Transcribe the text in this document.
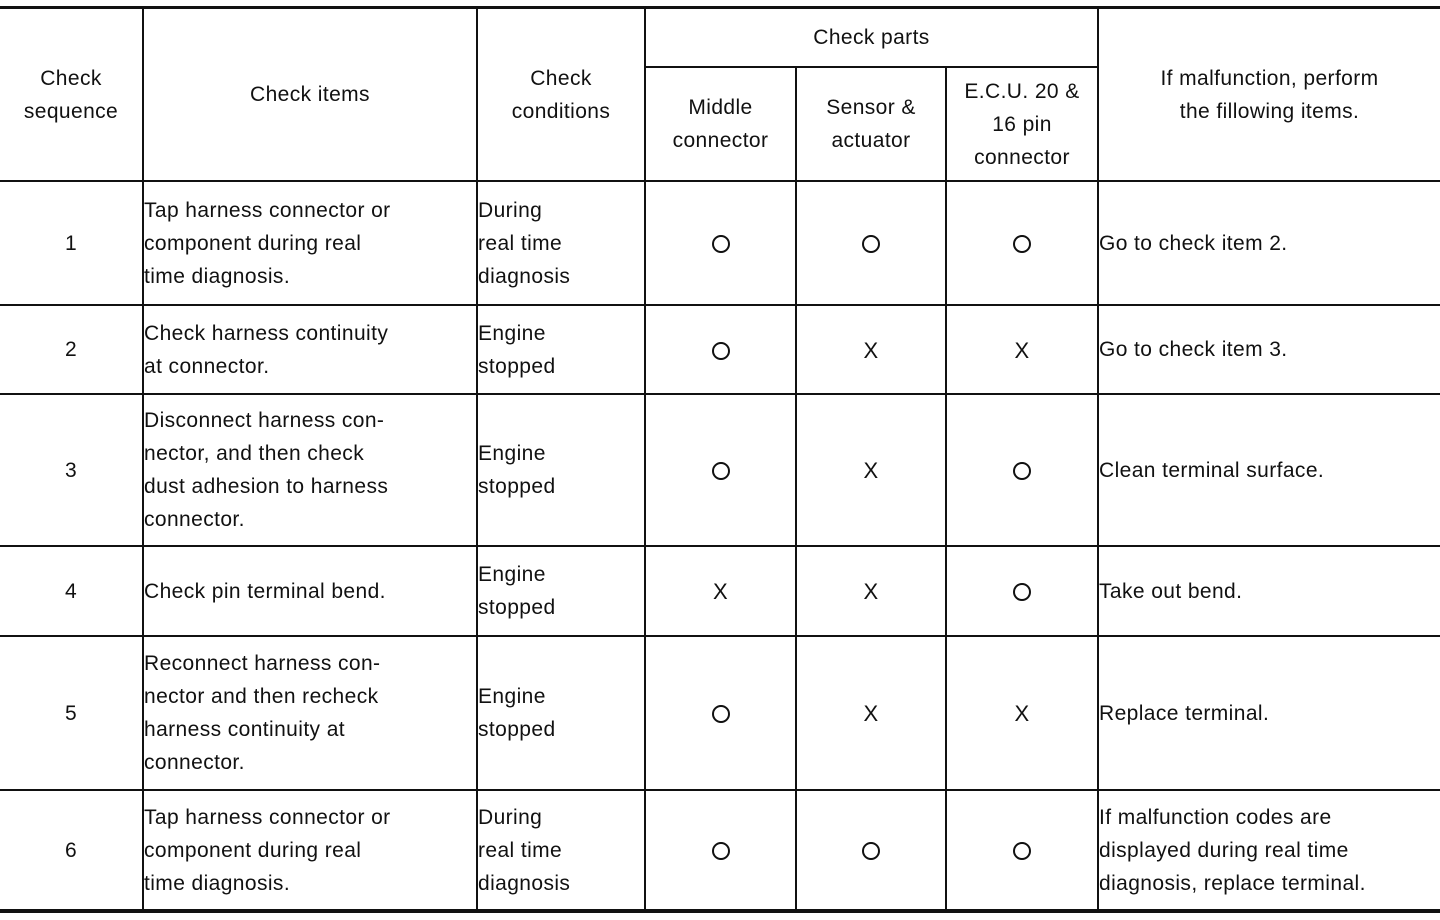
Check
sequence	Check items	Check
conditions	Check parts			If malfunction, perform
the fillowing items.

			Middle
connector	Sensor &
actuator	E.C.U. 20 &
16 pin
connector	

1	Tap harness connector or
component during real
time diagnosis.	During
real time
diagnosis				Go to check item 2.

2	Check harness continuity
at connector.	Engine
stopped		X	X	Go to check item 3.

3	Disconnect harness con-
nector, and then check
dust adhesion to harness
connector.	Engine
stopped		X		Clean terminal surface.

4	Check pin terminal bend.	Engine
stopped	X	X		Take out bend.

5	Reconnect harness con-
nector and then recheck
harness continuity at
connector.	Engine
stopped		X	X	Replace terminal.

6	Tap harness connector or
component during real
time diagnosis.	During
real time
diagnosis				If malfunction codes are
displayed during real time
diagnosis, replace terminal.
